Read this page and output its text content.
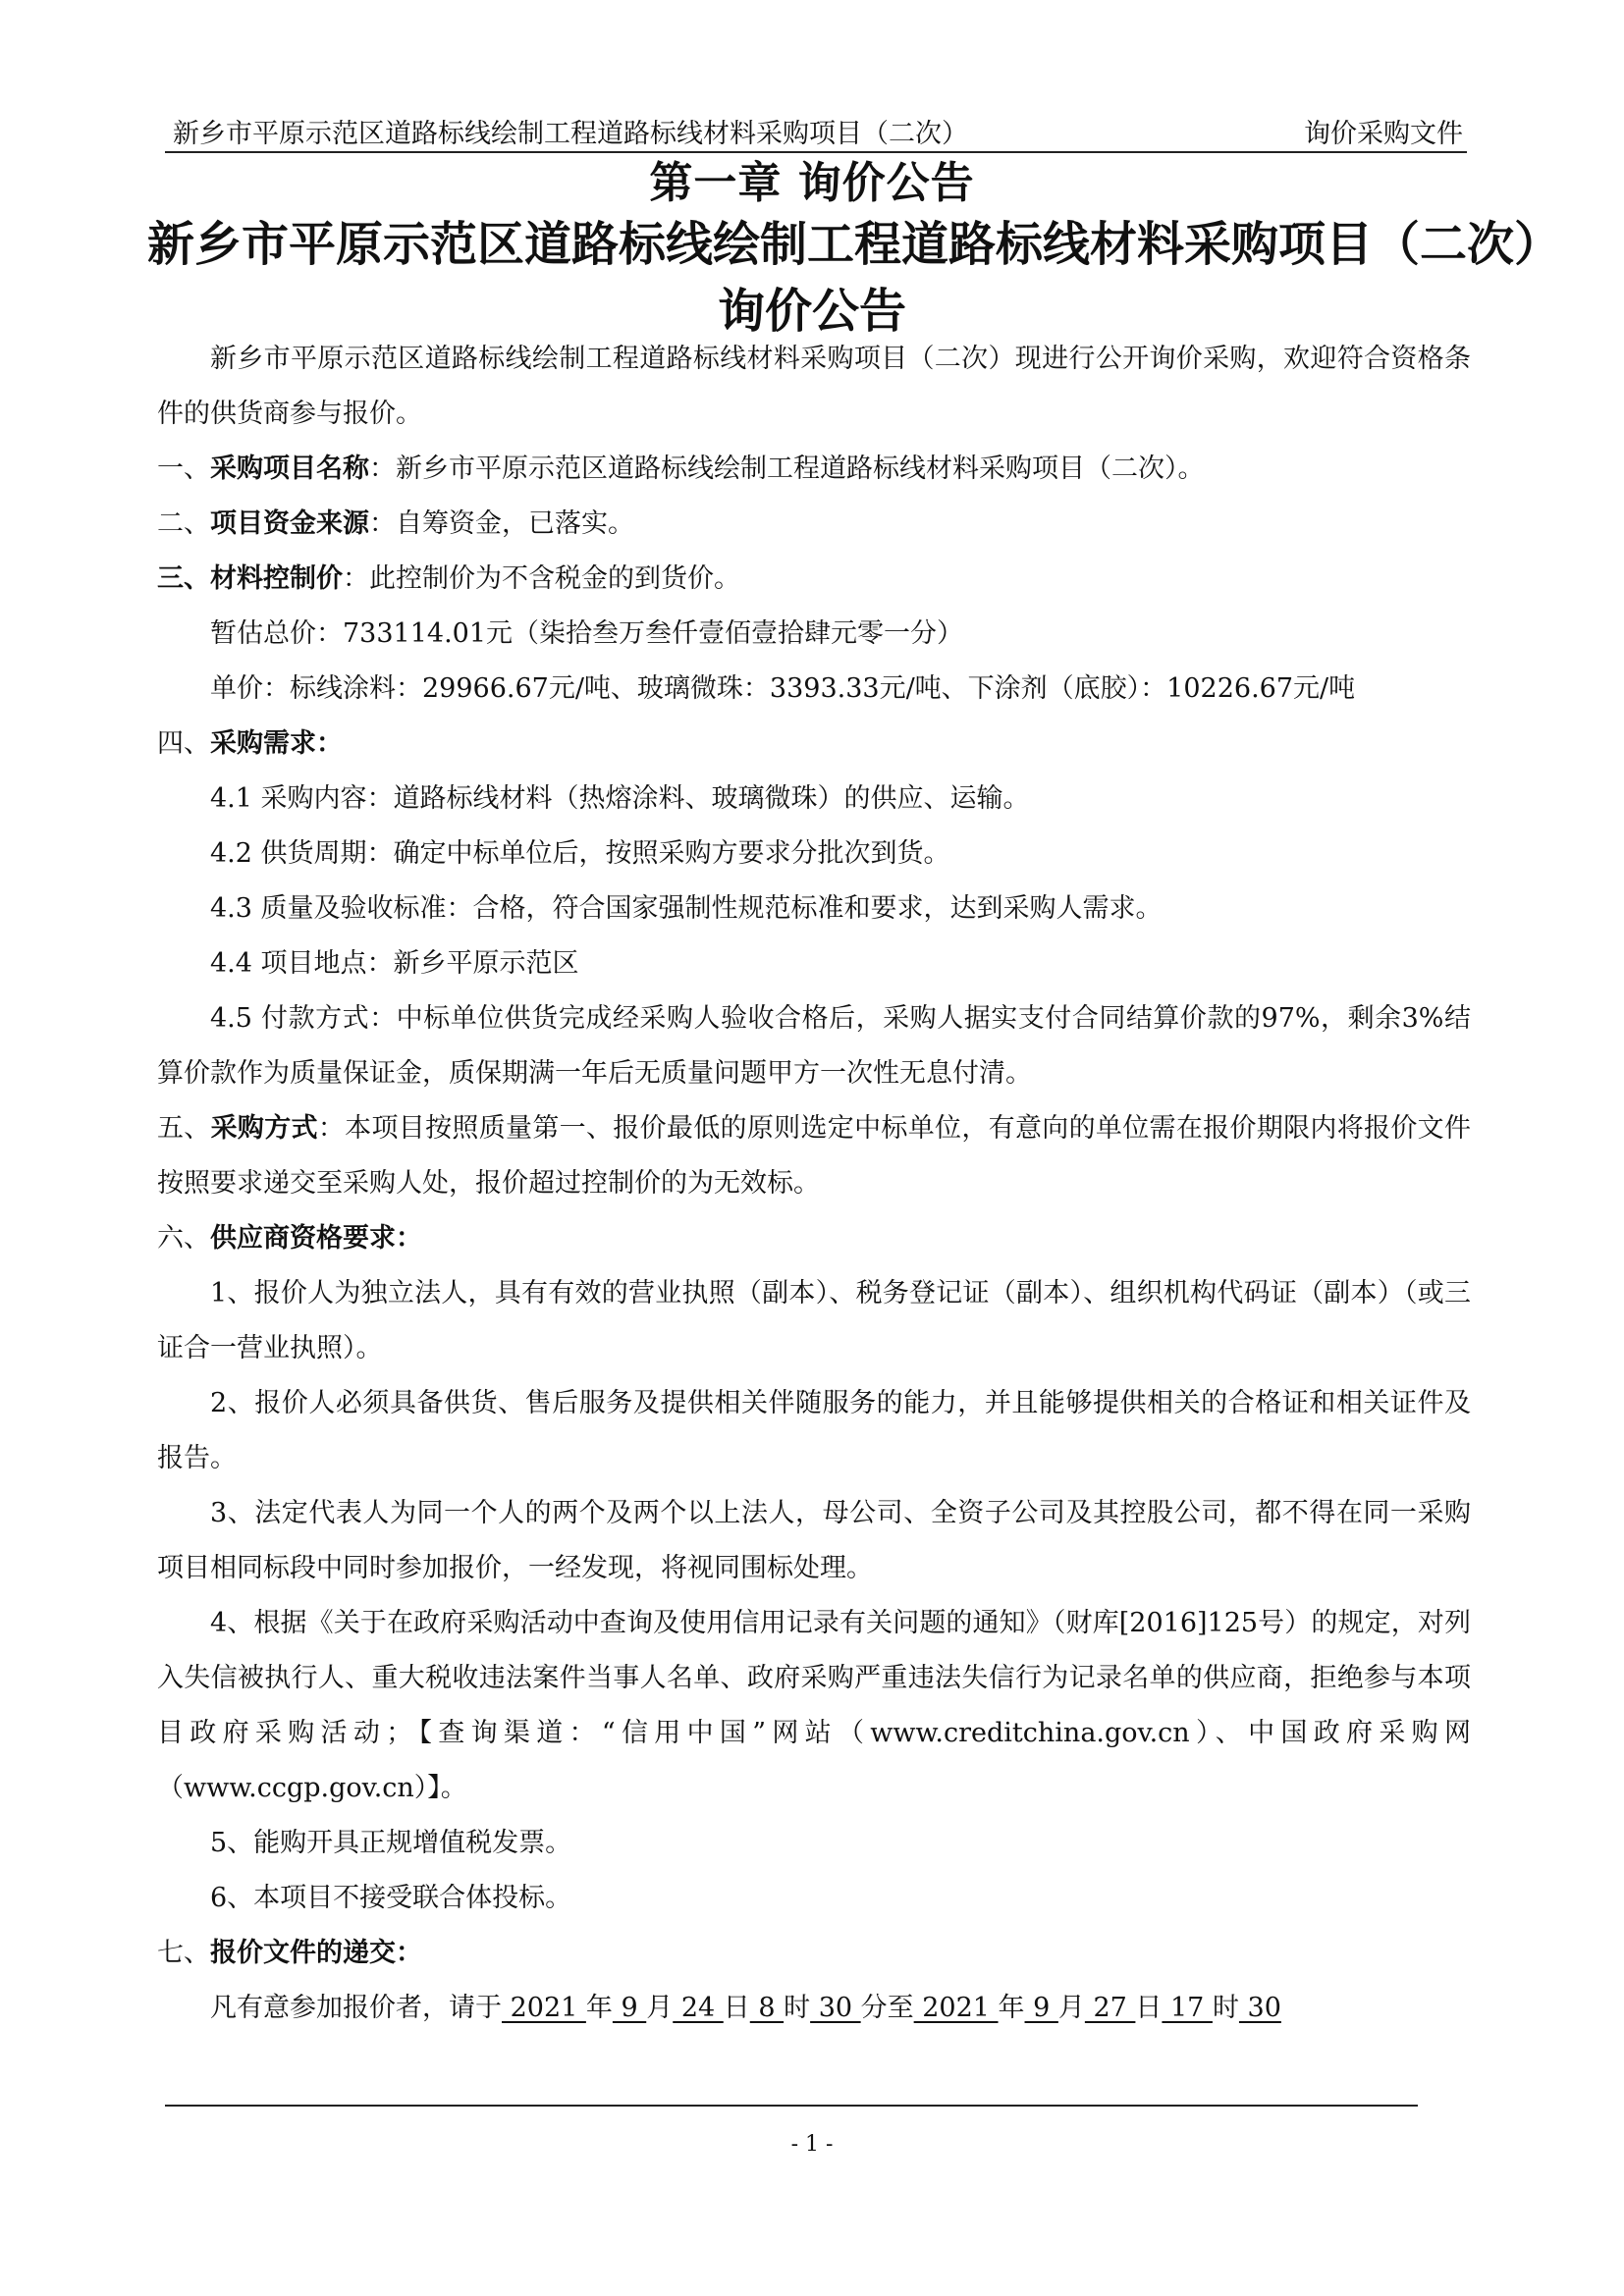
新乡市平原示范区道路标线绘制工程道路标线材料采购项目（二次）	询价采购文件
第一章 询价公告
新乡市平原示范区道路标线绘制工程道路标线材料采购项目（二次）
询价公告

新乡市平原示范区道路标线绘制工程道路标线材料采购项目（二次）现进行公开询价采购，欢迎符合资格条件的供货商参与报价。

一、采购项目名称：新乡市平原示范区道路标线绘制工程道路标线材料采购项目（二次）。

二、项目资金来源：自筹资金，已落实。

三、材料控制价：此控制价为不含税金的到货价。

暂估总价：733114.01元（柒拾叁万叁仟壹佰壹拾肆元零一分）

单价：标线涂料：29966.67元/吨、玻璃微珠：3393.33元/吨、下涂剂（底胶）：10226.67元/吨

四、采购需求：

4.1 采购内容：道路标线材料（热熔涂料、玻璃微珠）的供应、运输。

4.2 供货周期：确定中标单位后，按照采购方要求分批次到货。

4.3 质量及验收标准：合格，符合国家强制性规范标准和要求，达到采购人需求。

4.4 项目地点：新乡平原示范区

4.5 付款方式：中标单位供货完成经采购人验收合格后，采购人据实支付合同结算价款的97%，剩余3%结算价款作为质量保证金，质保期满一年后无质量问题甲方一次性无息付清。

五、采购方式：本项目按照质量第一、报价最低的原则选定中标单位，有意向的单位需在报价期限内将报价文件按照要求递交至采购人处，报价超过控制价的为无效标。

六、供应商资格要求：

1、报价人为独立法人，具有有效的营业执照（副本）、税务登记证（副本）、组织机构代码证（副本）（或三证合一营业执照）。

2、报价人必须具备供货、售后服务及提供相关伴随服务的能力，并且能够提供相关的合格证和相关证件及报告。

3、法定代表人为同一个人的两个及两个以上法人，母公司、全资子公司及其控股公司，都不得在同一采购项目相同标段中同时参加报价，一经发现，将视同围标处理。

4、根据《关于在政府采购活动中查询及使用信用记录有关问题的通知》（财库[2016]125号）的规定，对列入失信被执行人、重大税收违法案件当事人名单、政府采购严重违法失信行为记录名单的供应商，拒绝参与本项目政府采购活动；【查询渠道：“信用中国”网站（www.creditchina.gov.cn）、中国政府采购网（www.ccgp.gov.cn）】。

5、能购开具正规增值税发票。

6、本项目不接受联合体投标。

七、报价文件的递交：

凡有意参加报价者，请于 2021 年 9 月 24 日 8 时 30 分至 2021 年 9 月 27 日 17 时 30

- 1 -
